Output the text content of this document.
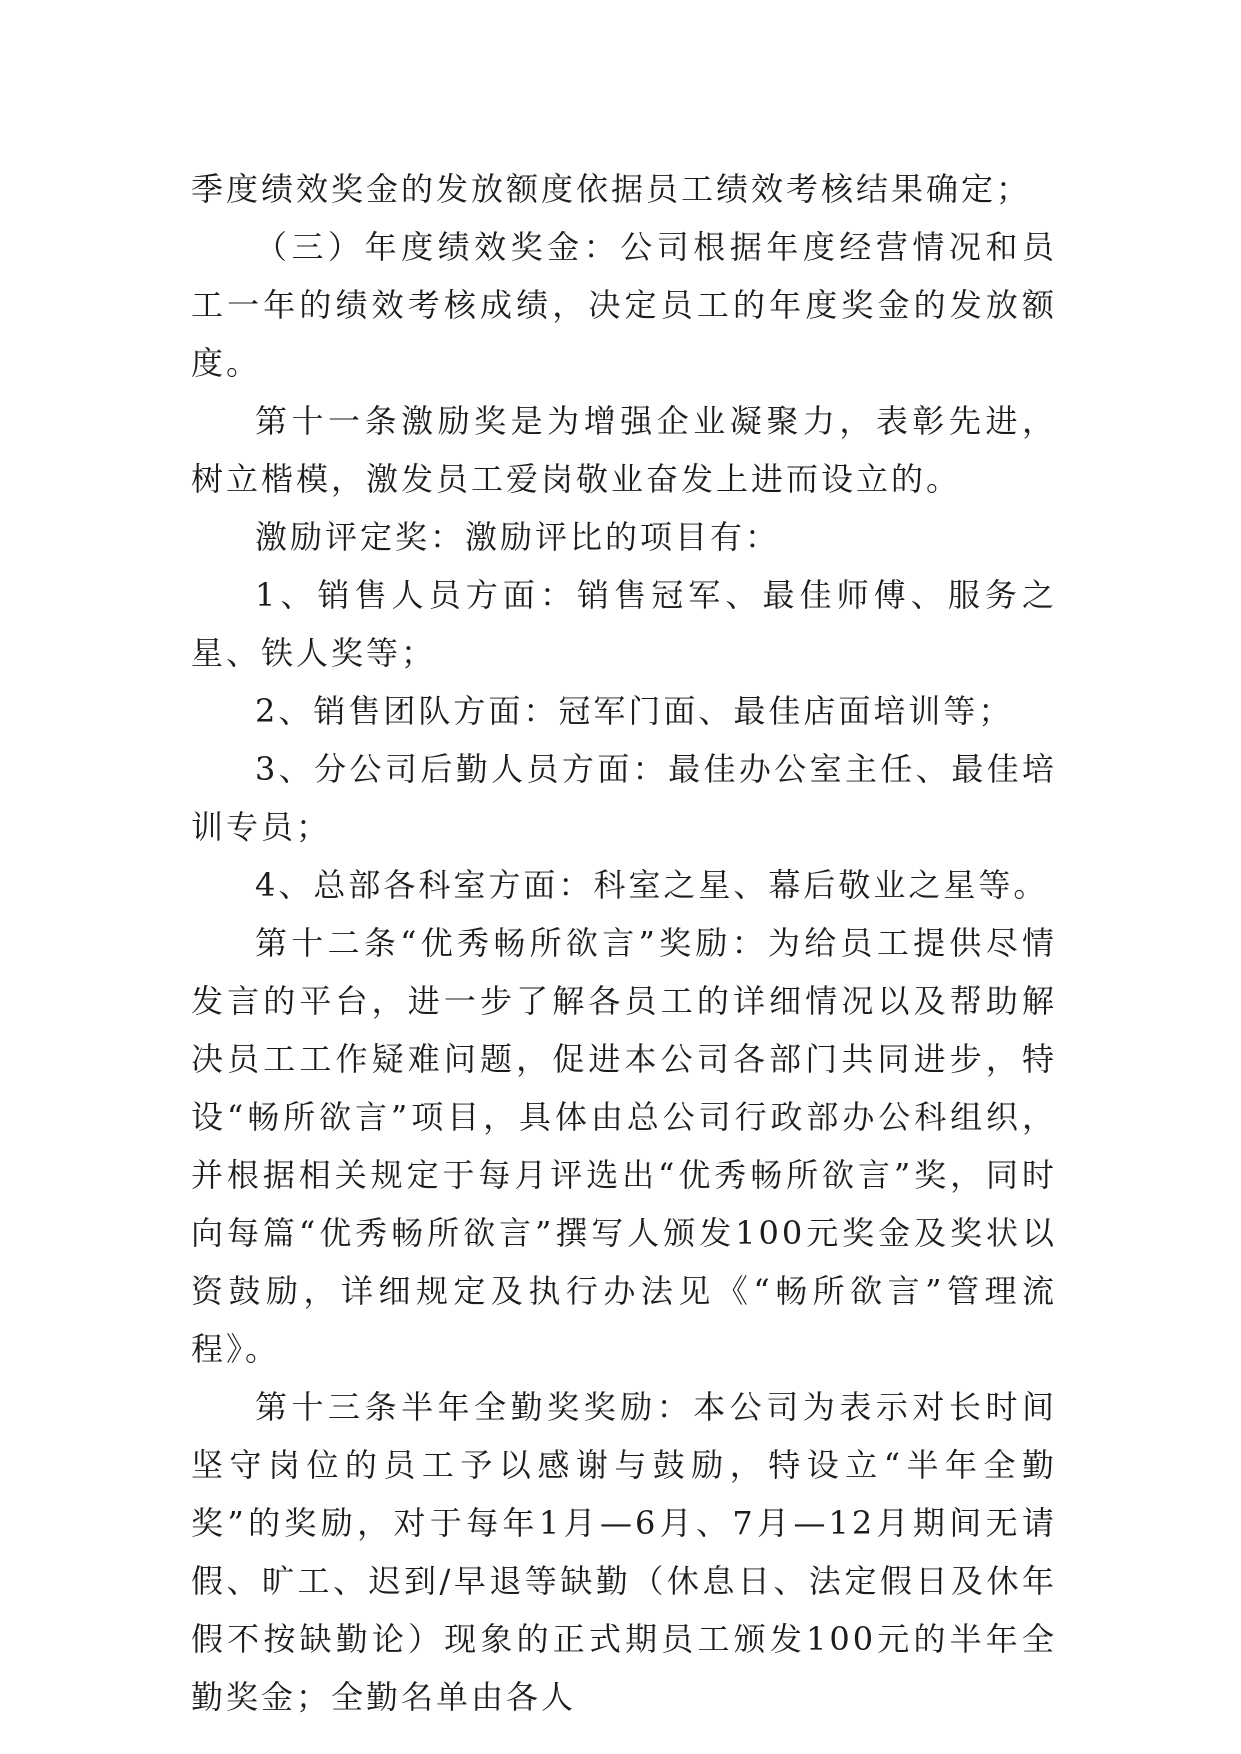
季度绩效奖金的发放额度依据员工绩效考核结果确定；

（三）年度绩效奖金：公司根据年度经营情况和员工一年的绩效考核成绩，决定员工的年度奖金的发放额度。

第十一条激励奖是为增强企业凝聚力，表彰先进，树立楷模，激发员工爱岗敬业奋发上进而设立的。

激励评定奖：激励评比的项目有：

1、销售人员方面：销售冠军、最佳师傅、服务之星、铁人奖等；

2、销售团队方面：冠军门面、最佳店面培训等；

3、分公司后勤人员方面：最佳办公室主任、最佳培训专员；

4、总部各科室方面：科室之星、幕后敬业之星等。

第十二条“优秀畅所欲言”奖励：为给员工提供尽情发言的平台，进一步了解各员工的详细情况以及帮助解决员工工作疑难问题，促进本公司各部门共同进步，特设“畅所欲言”项目，具体由总公司行政部办公科组织，并根据相关规定于每月评选出“优秀畅所欲言”奖，同时向每篇“优秀畅所欲言”撰写人颁发100元奖金及奖状以资鼓励，详细规定及执行办法见《“畅所欲言”管理流程》。

第十三条半年全勤奖奖励：本公司为表示对长时间坚守岗位的员工予以感谢与鼓励，特设立“半年全勤奖”的奖励，对于每年1月—6月、7月—12月期间无请假、旷工、迟到/早退等缺勤（休息日、法定假日及休年假不按缺勤论）现象的正式期员工颁发100元的半年全勤奖金；全勤名单由各人
